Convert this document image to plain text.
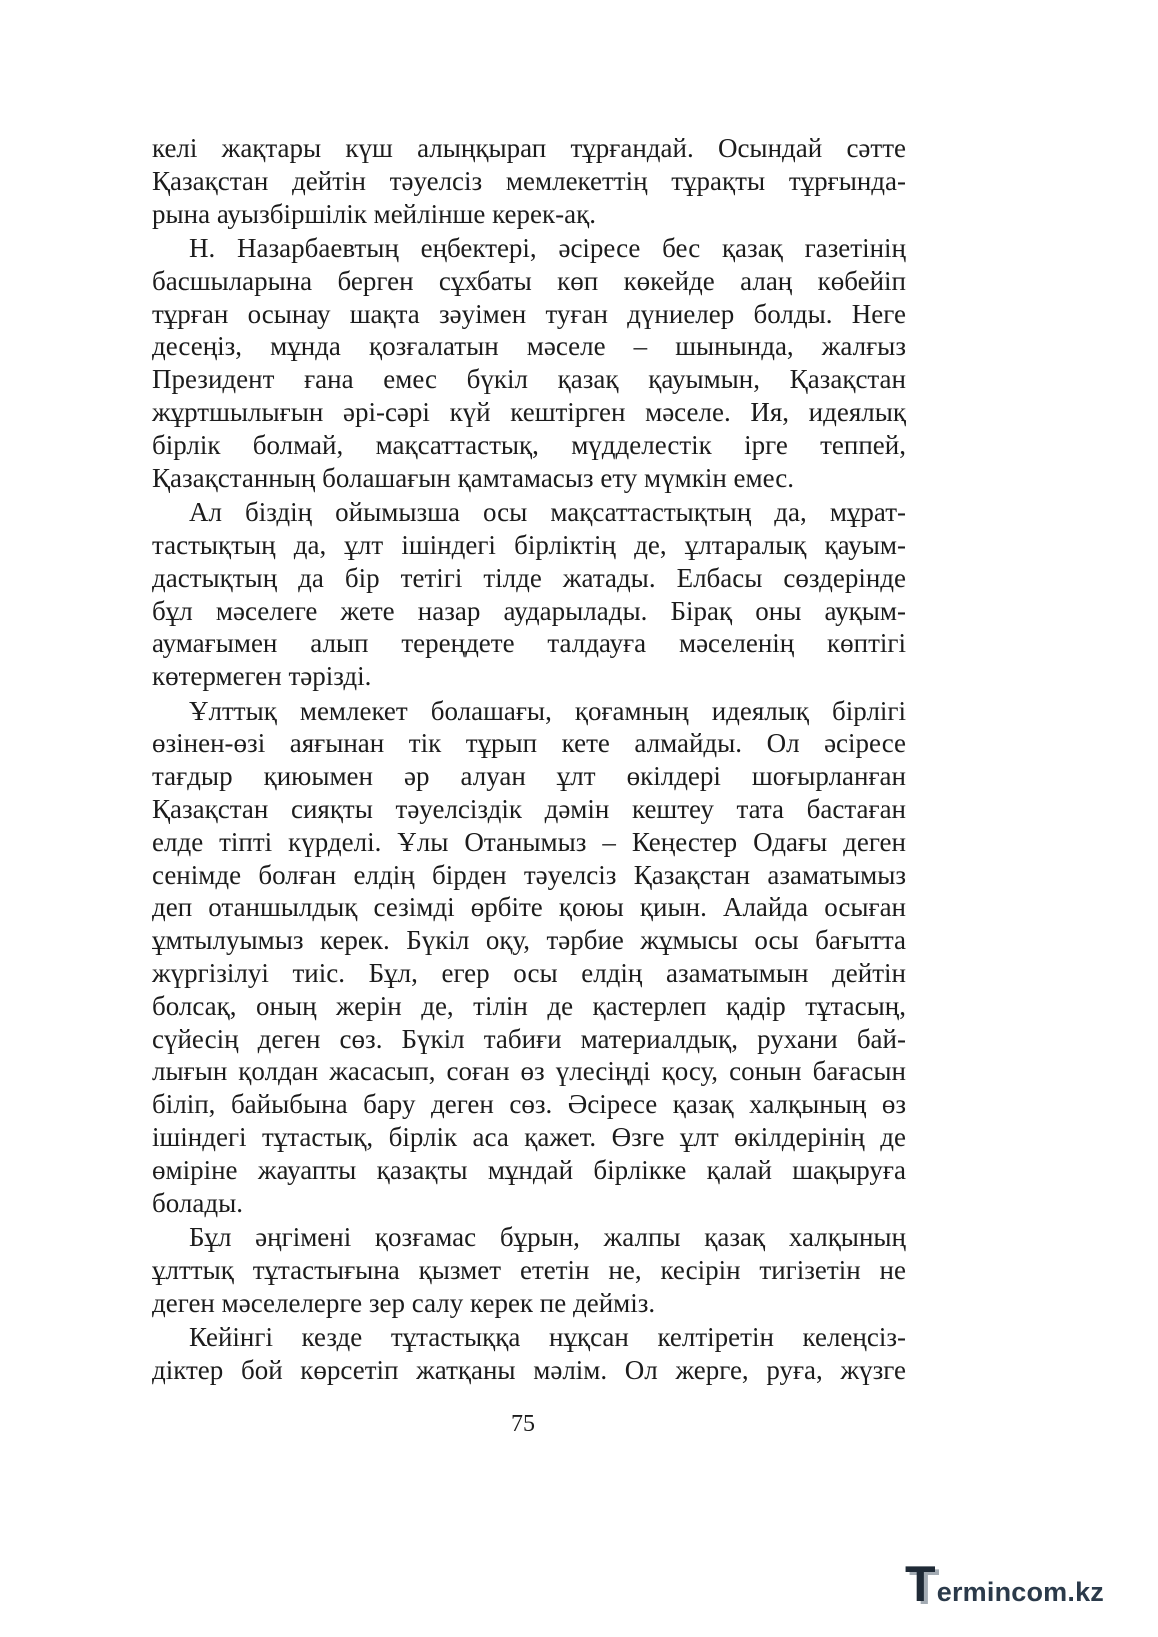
келі жақтары күш алыңқырап тұрғандай. Осындай сәтте
Қазақстан дейтін тәуелсіз мемлекеттің тұрақты тұрғында-
рына ауызбіршілік мейлінше керек-ақ.
Н. Назарбаевтың еңбектері, әсіресе бес қазақ газетінің
басшыларына берген сұхбаты көп көкейде алаң көбейіп
тұрған осынау шақта зәуімен туған дүниелер болды. Неге
десеңіз, мұнда қозғалатын мәселе – шынында, жалғыз
Президент ғана емес бүкіл қазақ қауымын, Қазақстан
жұртшылығын әрі-сәрі күй кештірген мәселе. Ия, идеялық
бірлік болмай, мақсаттастық, мүдделестік ірге теппей,
Қазақстанның болашағын қамтамасыз ету мүмкін емес.
Ал біздің ойымызша осы мақсаттастықтың да, мұрат-
тастықтың да, ұлт ішіндегі бірліктің де, ұлтаралық қауым-
дастықтың да бір тетігі тілде жатады. Елбасы сөздерінде
бұл мәселеге жете назар аударылады. Бірақ оны ауқым-
аумағымен алып тереңдете талдауға мәселенің көптігі
көтермеген тәрізді.
Ұлттық мемлекет болашағы, қоғамның идеялық бірлігі
өзінен-өзі аяғынан тік тұрып кете алмайды. Ол әсіресе
тағдыр қиюымен әр алуан ұлт өкілдері шоғырланған
Қазақстан сияқты тәуелсіздік дәмін кештеу тата бастаған
елде тіпті күрделі. Ұлы Отанымыз – Кеңестер Одағы деген
сенімде болған елдің бірден тәуелсіз Қазақстан азаматымыз
деп отаншылдық сезімді өрбіте қоюы қиын. Алайда осыған
ұмтылуымыз керек. Бүкіл оқу, тәрбие жұмысы осы бағытта
жүргізілуі тиіс. Бұл, егер осы елдің азаматымын дейтін
болсақ, оның жерін де, тілін де қастерлеп қадір тұтасың,
сүйесің деген сөз. Бүкіл табиғи материалдық, рухани бай-
лығын қолдан жасасып, соған өз үлесіңді қосу, сонын бағасын
біліп, байыбына бару деген сөз. Әсіресе қазақ халқының өз
ішіндегі тұтастық, бірлік аса қажет. Өзге ұлт өкілдерінің де
өміріне жауапты қазақты мұндай бірлікке қалай шақыруға
болады.
Бұл әңгімені қозғамас бұрын, жалпы қазақ халқының
ұлттық тұтастығына қызмет ететін не, кесірін тигізетін не
деген мәселелерге зер салу керек пе дейміз.
Кейінгі кезде тұтастыққа нұқсан келтіретін келеңсіз-
діктер бой көрсетіп жатқаны мәлім. Ол жерге, руға, жүзге
75
Termincom.kz
